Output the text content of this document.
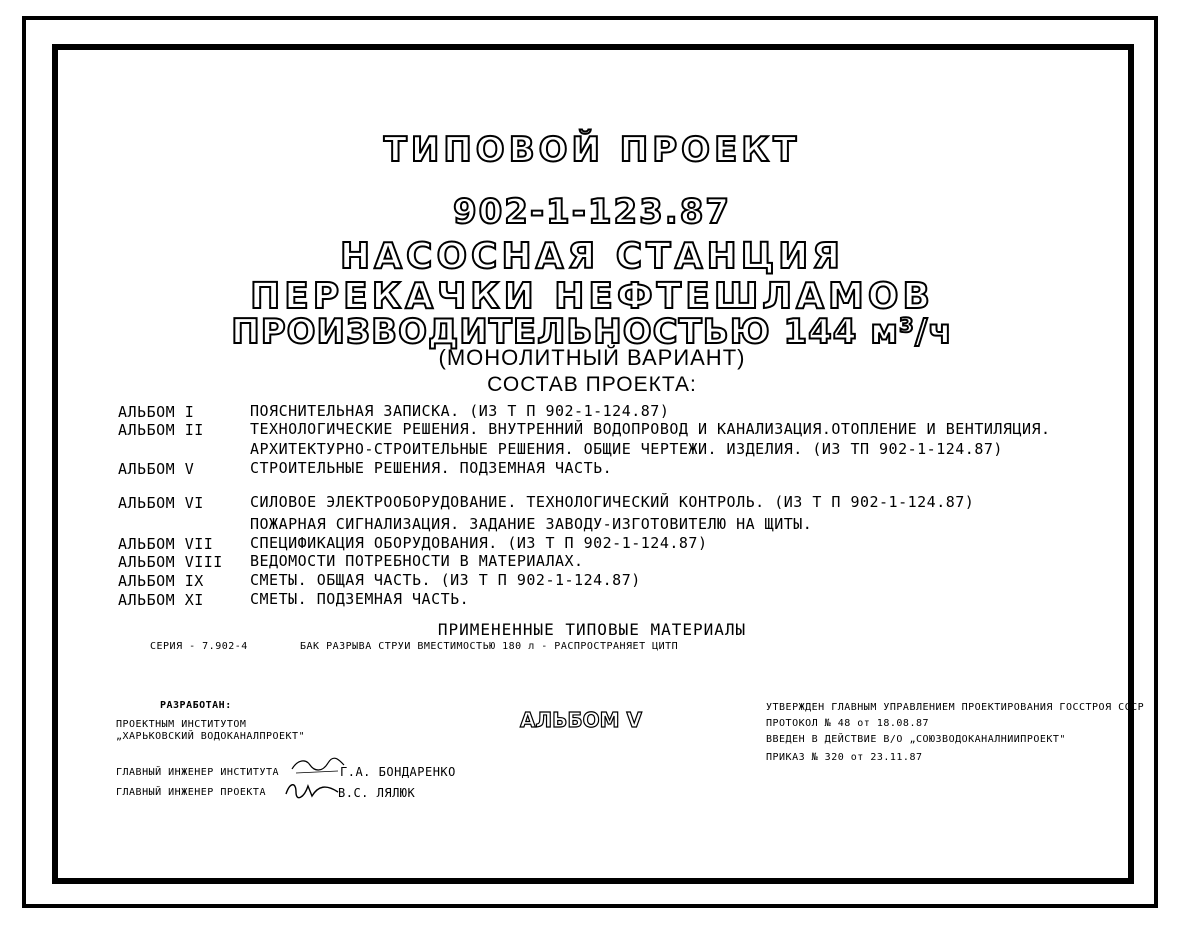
ТИПОВОЙ ПРОЕКТ
902-1-123.87
НАСОСНАЯ СТАНЦИЯ
ПЕРЕКАЧКИ НЕФТЕШЛАМОВ
ПРОИЗВОДИТЕЛЬНОСТЬЮ 144 м³/ч
(МОНОЛИТНЫЙ ВАРИАНТ)
СОСТАВ ПРОЕКТА:
АЛЬБОМ I	ПОЯСНИТЕЛЬНАЯ ЗАПИСКА. (ИЗ Т П 902-1-124.87)
АЛЬБОМ II	ТЕХНОЛОГИЧЕСКИЕ РЕШЕНИЯ. ВНУТРЕННИЙ ВОДОПРОВОД И КАНАЛИЗАЦИЯ.ОТОПЛЕНИЕ И ВЕНТИЛЯЦИЯ.
АРХИТЕКТУРНО-СТРОИТЕЛЬНЫЕ РЕШЕНИЯ. ОБЩИЕ ЧЕРТЕЖИ. ИЗДЕЛИЯ. (ИЗ ТП 902-1-124.87)
АЛЬБОМ V	СТРОИТЕЛЬНЫЕ РЕШЕНИЯ. ПОДЗЕМНАЯ ЧАСТЬ.
АЛЬБОМ VI	СИЛОВОЕ ЭЛЕКТРООБОРУДОВАНИЕ. ТЕХНОЛОГИЧЕСКИЙ КОНТРОЛЬ. (ИЗ Т П 902-1-124.87)
ПОЖАРНАЯ СИГНАЛИЗАЦИЯ. ЗАДАНИЕ ЗАВОДУ-ИЗГОТОВИТЕЛЮ НА ЩИТЫ.
АЛЬБОМ VII СПЕЦИФИКАЦИЯ ОБОРУДОВАНИЯ. (ИЗ Т П 902-1-124.87)
АЛЬБОМ VIII ВЕДОМОСТИ ПОТРЕБНОСТИ В МАТЕРИАЛАХ.
АЛЬБОМ IX	СМЕТЫ. ОБЩАЯ ЧАСТЬ. (ИЗ Т П 902-1-124.87)
АЛЬБОМ XI	СМЕТЫ. ПОДЗЕМНАЯ ЧАСТЬ.
ПРИМЕНЕННЫЕ ТИПОВЫЕ МАТЕРИАЛЫ
СЕРИЯ - 7.902-4	БАК РАЗРЫВА СТРУИ ВМЕСТИМОСТЬЮ 180 л - РАСПРОСТРАНЯЕТ ЦИТП
РАЗРАБОТАН:
ПРОЕКТНЫМ ИНСТИТУТОМ
„ХАРЬКОВСКИЙ ВОДОКАНАЛПРОЕКТ"
ГЛАВНЫЙ ИНЖЕНЕР ИНСТИТУТА	Г.А. БОНДАРЕНКО
ГЛАВНЫЙ ИНЖЕНЕР ПРОЕКТА	В.С. ЛЯЛЮК
АЛЬБОМ V
УТВЕРЖДЕН ГЛАВНЫМ УПРАВЛЕНИЕМ ПРОЕКТИРОВАНИЯ ГОССТРОЯ СССР
ПРОТОКОЛ № 48 от 18.08.87
ВВЕДЕН В ДЕЙСТВИЕ В/О „СОЮЗВОДОКАНАЛНИИПРОЕКТ"
ПРИКАЗ № 320 от 23.11.87
